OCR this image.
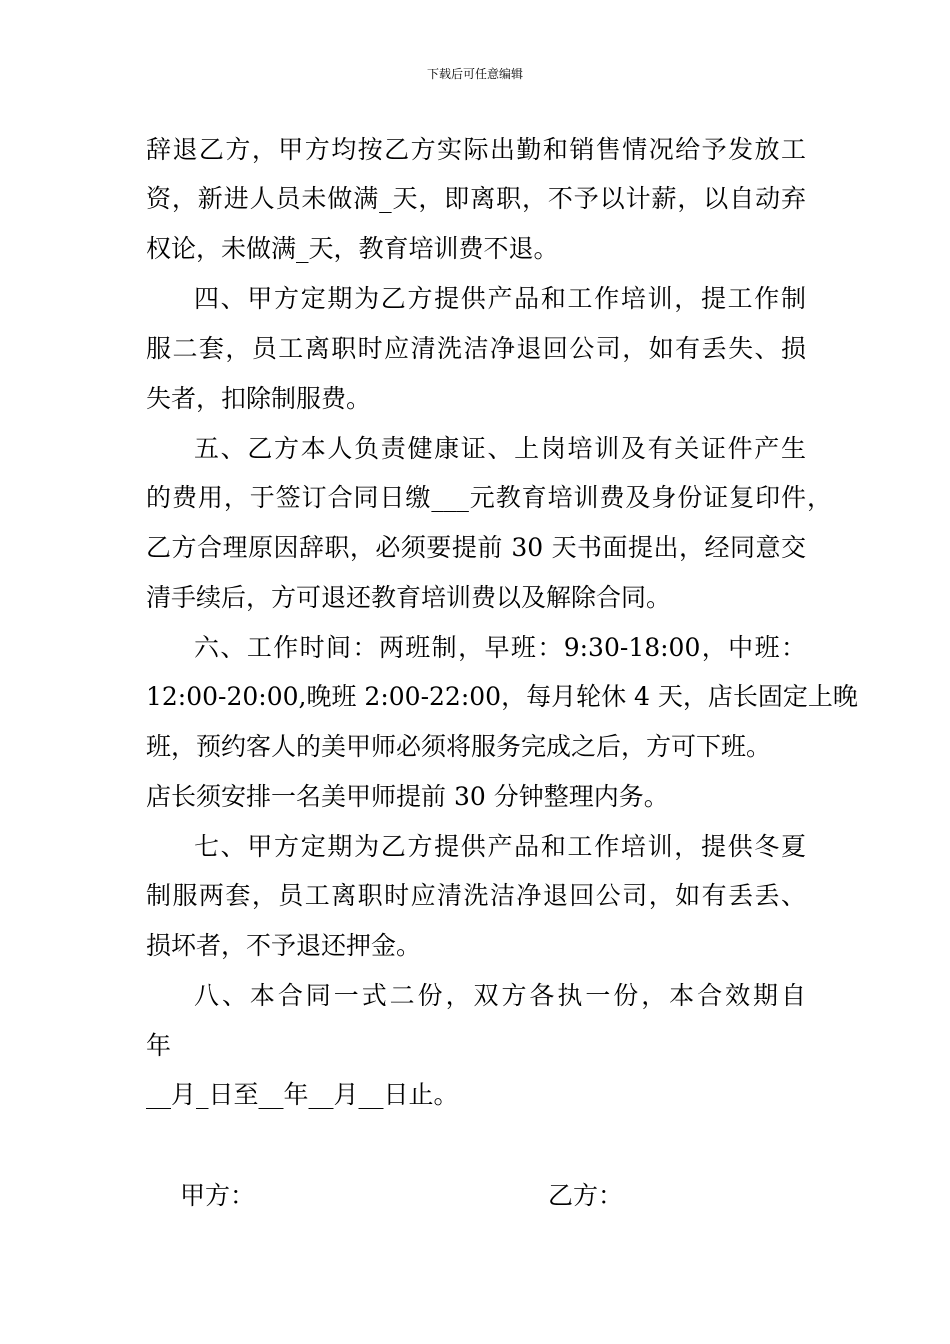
下载后可任意编辑
辞退乙方，甲方均按乙方实际出勤和销售情况给予发放工
资，新进人员未做满_天，即离职，不予以计薪，以自动弃
权论，未做满_天，教育培训费不退。
四、甲方定期为乙方提供产品和工作培训，提工作制
服二套，员工离职时应清洗洁净退回公司，如有丢失、损
失者，扣除制服费。
五、乙方本人负责健康证、上岗培训及有关证件产生
的费用，于签订合同日缴___元教育培训费及身份证复印件，
乙方合理原因辞职，必须要提前 30 天书面提出，经同意交
清手续后，方可退还教育培训费以及解除合同。
六、工作时间：两班制，早班：9:30-18:00，中班：
12:00-20:00,晚班 2:00-22:00，每月轮休 4 天，店长固定上晚
班，预约客人的美甲师必须将服务完成之后，方可下班。
店长须安排一名美甲师提前 30 分钟整理内务。
七、甲方定期为乙方提供产品和工作培训，提供冬夏
制服两套，员工离职时应清洗洁净退回公司，如有丢丢、
损坏者，不予退还押金。
八、本合同一式二份，双方各执一份，本合效期自
年
__月_日至__年__月__日止。
甲方：	乙方：
